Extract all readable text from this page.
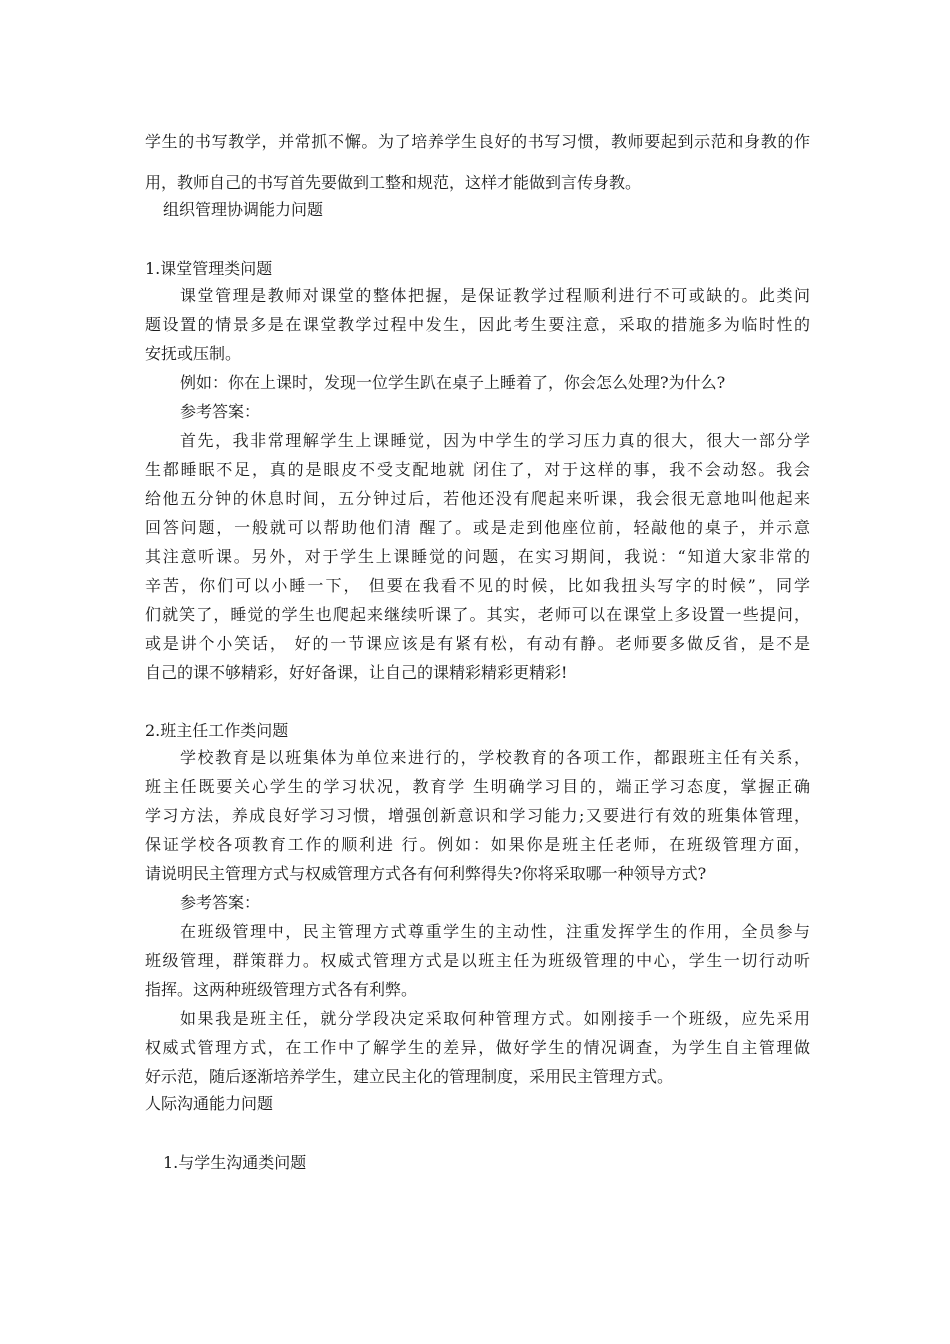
学生的书写教学，并常抓不懈。为了培养学生良好的书写习惯，教师要起到示范和身教的作
用，教师自己的书写首先要做到工整和规范，这样才能做到言传身教。
组织管理协调能力问题
1.课堂管理类问题
课堂管理是教师对课堂的整体把握，是保证教学过程顺利进行不可或缺的。此类问
题设置的情景多是在课堂教学过程中发生，因此考生要注意，采取的措施多为临时性的
安抚或压制。
例如：你在上课时，发现一位学生趴在桌子上睡着了，你会怎么处理?为什么?
参考答案：
首先，我非常理解学生上课睡觉，因为中学生的学习压力真的很大，很大一部分学
生都睡眠不足，真的是眼皮不受支配地就 闭住了，对于这样的事，我不会动怒。我会
给他五分钟的休息时间，五分钟过后，若他还没有爬起来听课，我会很无意地叫他起来
回答问题，一般就可以帮助他们清 醒了。或是走到他座位前，轻敲他的桌子，并示意
其注意听课。另外，对于学生上课睡觉的问题，在实习期间，我说：“知道大家非常的
辛苦，你们可以小睡一下， 但要在我看不见的时候，比如我扭头写字的时候”，同学
们就笑了，睡觉的学生也爬起来继续听课了。其实，老师可以在课堂上多设置一些提问，
或是讲个小笑话， 好的一节课应该是有紧有松，有动有静。老师要多做反省，是不是
自己的课不够精彩，好好备课，让自己的课精彩精彩更精彩!
2.班主任工作类问题
学校教育是以班集体为单位来进行的，学校教育的各项工作，都跟班主任有关系，
班主任既要关心学生的学习状况，教育学 生明确学习目的，端正学习态度，掌握正确
学习方法，养成良好学习习惯，增强创新意识和学习能力;又要进行有效的班集体管理，
保证学校各项教育工作的顺利进 行。例如：如果你是班主任老师，在班级管理方面，
请说明民主管理方式与权威管理方式各有何利弊得失?你将采取哪一种领导方式?
参考答案：
在班级管理中，民主管理方式尊重学生的主动性，注重发挥学生的作用，全员参与
班级管理，群策群力。权威式管理方式是以班主任为班级管理的中心，学生一切行动听
指挥。这两种班级管理方式各有利弊。
如果我是班主任，就分学段决定采取何种管理方式。如刚接手一个班级，应先采用
权威式管理方式，在工作中了解学生的差异，做好学生的情况调查，为学生自主管理做
好示范，随后逐渐培养学生，建立民主化的管理制度，采用民主管理方式。
人际沟通能力问题
1.与学生沟通类问题
